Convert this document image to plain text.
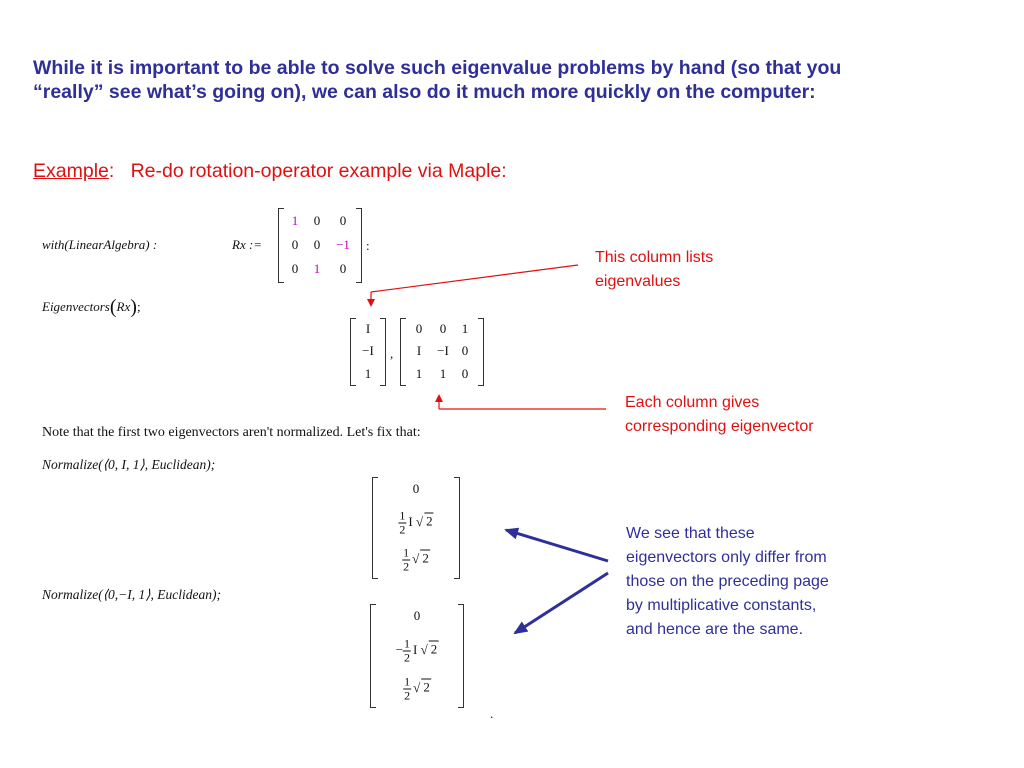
While it is important to be able to solve such eigenvalue problems by hand (so that you
“really” see what’s going on), we can also do it much more quickly on the computer:
Example: Re-do rotation-operator example via Maple:
with(LinearAlgebra) :	Rx :=
1 0 0
0 0 −1
0 1 0
:
Eigenvectors(Rx);
I
−I
1
,
0 0 1
I −I 0
1 1 0
Note that the first two eigenvectors aren't normalized. Let's fix that:
Normalize(⟨0, I, 1⟩, Euclidean);
0
$\frac{1}{2}$ I √ 2
$\frac{1}{2}$ √ 2
Normalize(⟨0,−I, 1⟩, Euclidean);
0
− $\frac{1}{2}$ I √ 2
$\frac{1}{2}$ √ 2
.
This column lists
eigenvalues
Each column gives
corresponding eigenvector
We see that these
eigenvectors only differ from
those on the preceding page
by multiplicative constants,
and hence are the same.
